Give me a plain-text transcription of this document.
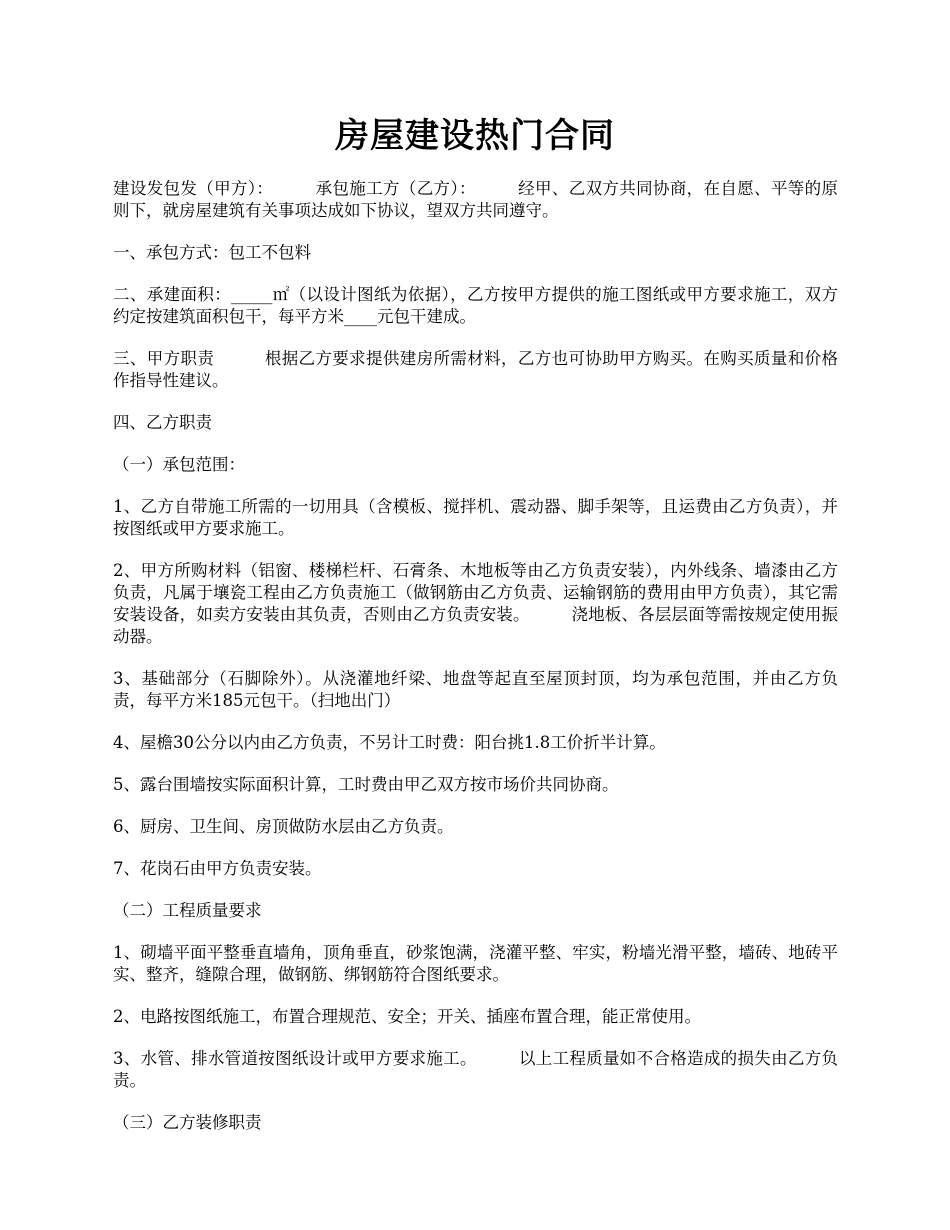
房屋建设热门合同

建设发包发（甲方）：　　　承包施工方（乙方）：　　　经甲、乙双方共同协商，在自愿、平等的原则下，就房屋建筑有关事项达成如下协议，望双方共同遵守。

一、承包方式：包工不包料

二、承建面积：_____㎡（以设计图纸为依据），乙方按甲方提供的施工图纸或甲方要求施工，双方约定按建筑面积包干，每平方米____元包干建成。

三、甲方职责　　　根据乙方要求提供建房所需材料，乙方也可协助甲方购买。在购买质量和价格作指导性建议。

四、乙方职责

（一）承包范围：

1、乙方自带施工所需的一切用具（含模板、搅拌机、震动器、脚手架等，且运费由乙方负责），并按图纸或甲方要求施工。

2、甲方所购材料（铝窗、楼梯栏杆、石膏条、木地板等由乙方负责安装），内外线条、墙漆由乙方负责，凡属于壤瓷工程由乙方负责施工（做钢筋由乙方负责、运输钢筋的费用由甲方负责），其它需安装设备，如卖方安装由其负责，否则由乙方负责安装。　　　浇地板、各层层面等需按规定使用振动器。

3、基础部分（石脚除外）。从浇灌地纤梁、地盘等起直至屋顶封顶，均为承包范围，并由乙方负责，每平方米185元包干。（扫地出门）

4、屋檐30公分以内由乙方负责，不另计工时费：阳台挑1.8工价折半计算。

5、露台围墙按实际面积计算，工时费由甲乙双方按市场价共同协商。

6、厨房、卫生间、房顶做防水层由乙方负责。

7、花岗石由甲方负责安装。

（二）工程质量要求

1、砌墙平面平整垂直墙角，顶角垂直，砂浆饱满，浇灌平整、牢实，粉墙光滑平整，墙砖、地砖平实、整齐，缝隙合理，做钢筋、绑钢筋符合图纸要求。

2、电路按图纸施工，布置合理规范、安全；开关、插座布置合理，能正常使用。

3、水管、排水管道按图纸设计或甲方要求施工。　　　以上工程质量如不合格造成的损失由乙方负责。

（三）乙方装修职责
